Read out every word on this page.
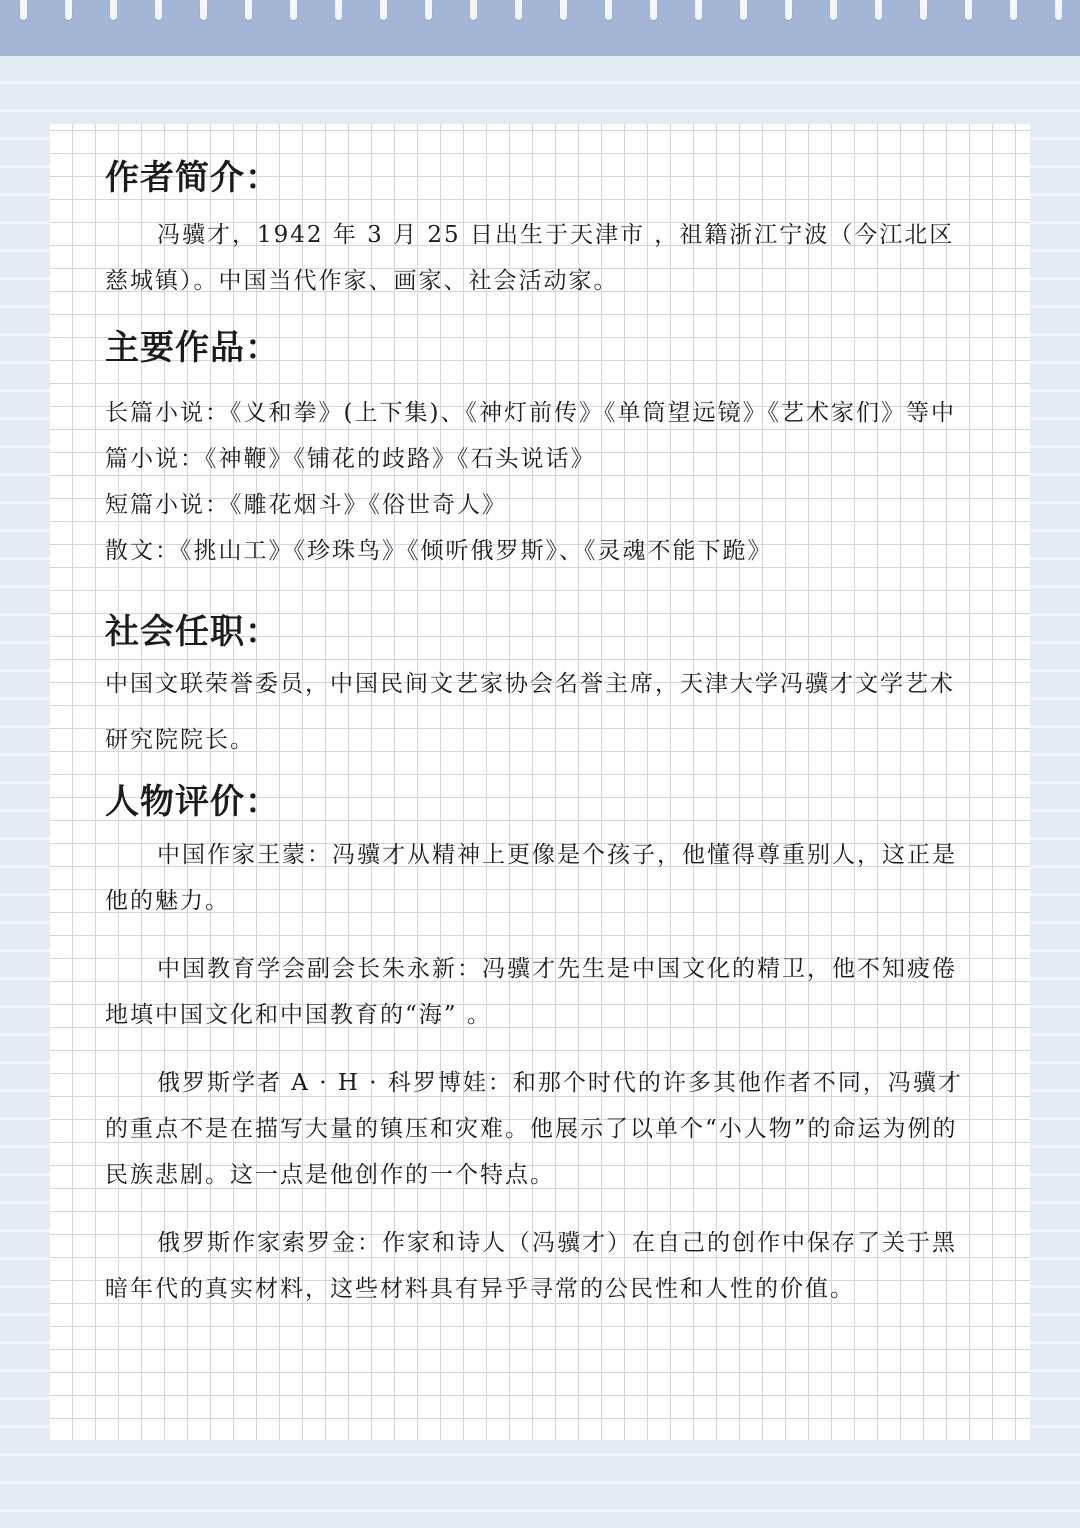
作者简介：

冯骥才，1942 年 3 月 25 日出生于天津市 ，祖籍浙江宁波（今江北区慈城镇）。中国当代作家、画家、社会活动家。

主要作品：

长篇小说：《义和拳》(上下集)、《神灯前传》《单筒望远镜》《艺术家们》等中篇小说：《神鞭》《铺花的歧路》《石头说话》

短篇小说：《雕花烟斗》《俗世奇人》

散文：《挑山工》《珍珠鸟》《倾听俄罗斯》、《灵魂不能下跪》

社会任职：

中国文联荣誉委员，中国民间文艺家协会名誉主席，天津大学冯骥才文学艺术研究院院长。

人物评价：

中国作家王蒙：冯骥才从精神上更像是个孩子，他懂得尊重别人，这正是他的魅力。

中国教育学会副会长朱永新：冯骥才先生是中国文化的精卫，他不知疲倦地填中国文化和中国教育的“海” 。

俄罗斯学者 A · H · 科罗博娃：和那个时代的许多其他作者不同，冯骥才的重点不是在描写大量的镇压和灾难。他展示了以单个“小人物”的命运为例的民族悲剧。这一点是他创作的一个特点。

俄罗斯作家索罗金：作家和诗人（冯骥才）在自己的创作中保存了关于黑暗年代的真实材料，这些材料具有异乎寻常的公民性和人性的价值。
